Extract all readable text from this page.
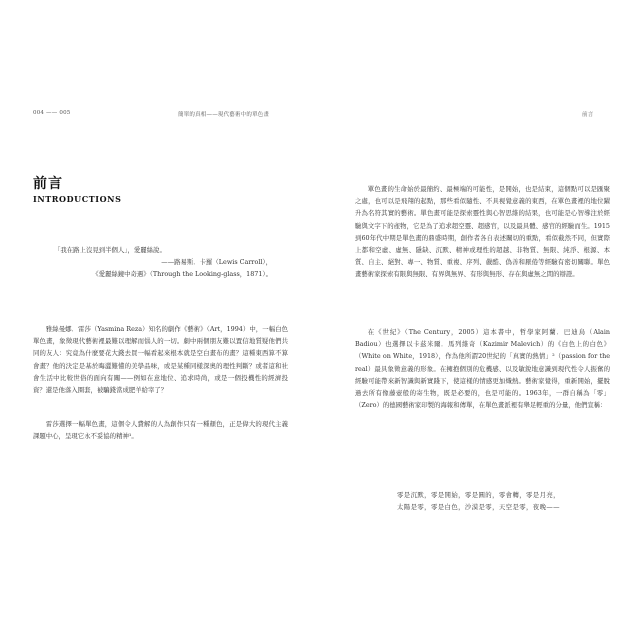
004 —— 005	簡單的真相——現代藝術中的單色畫
前言
INTRODUCTIONS
「我在路上沒見到半個人」，愛麗絲說。
——路易斯．卡羅（Lewis Carroll），
《愛麗絲鏡中奇遇》（Through the Looking-glass，1871）。

雅絲曼娜．雷莎（Yasmina Reza）知名的劇作《藝術》（Art，1994）中，一幅白色單色畫，象徵現代藝術裡最難以理解而惱人的一切。劇中兩個朋友難以置信地質疑他們共同的友人：究竟為什麼要花大錢去買一幅看起來根本就是空白畫布的畫？這種東西算不算會畫？他的決定是基於晦澀難懂的美學品味，或是某種同樣深奧的理性判斷？或者這和社會生活中比較世俗的面向有關——例如在意地位、追求時尚，或是一個投機性的經濟投資？還是他落入圈套，被騙錢當成肥羊給宰了？

雷莎選擇一幅單色畫，這個令人費解的人為創作只有一種顏色，正是偉大的現代主義課題中心，呈現它永不妥協的精神¹。

前言

單色畫的生命始於最簡約、最極端的可能性，是開始，也是結束，這個點可以是匯聚之處，也可以是飛翔的起點，那些看似隨性、不具視覺意義的東西，在單色畫裡的地位躍升為名符其實的藝術。單色畫可能是探索靈性與心智思維的結果，也可能是心智導注於經驗與文字下的產物，它是為了追求超空靈、超感官，以及最具體、感官的經驗而生。1915到60年代中期是單色畫的鼎盛時期，創作者各自表述關切的重點，看似截然不同，但實際上都和空虛、虛無、隱缺、沉默、精神或理性的超越、非物質、無限、純淨、根源、本質、自主、絕對、專一、物質、重複、序列、嚴酷、偽善和厭倦等經驗有密切關聯。單色畫藝術家探索有限與無限、有界與無界、有形與無形、存在與虛無之間的辯證。

在《世紀》（The Century，2005）這本書中，哲學家阿蘭．巴迪烏（Alain Badiou）也選擇以卡茲米爾．馬列維奇（Kazimir Malevich）的《白色上的白色》（White on White，1918），作為他所謂20世紀的「真實的熱情」²（passion for the real）最具象徵意義的形象。在擁抱個別的危機感、以及敏銳地意識到現代性令人振奮的經驗可能帶來新智識與新實踐下，使這樣的情感更加熾熱。藝術家覺得，重新開始，擺脫過去所有像藤壺般的寄生物，既是必要的，也是可能的。1963年，一群自稱為「零」（Zero）的德國藝術家印製的海報和傳單，在單色畫派裡有舉足輕重的分量，他們宣稱：

零是沉默，零是開始，零是圓的，零會轉，零是月亮，
太陽是零，零是白色，沙漠是零，天空是零，夜晚——
